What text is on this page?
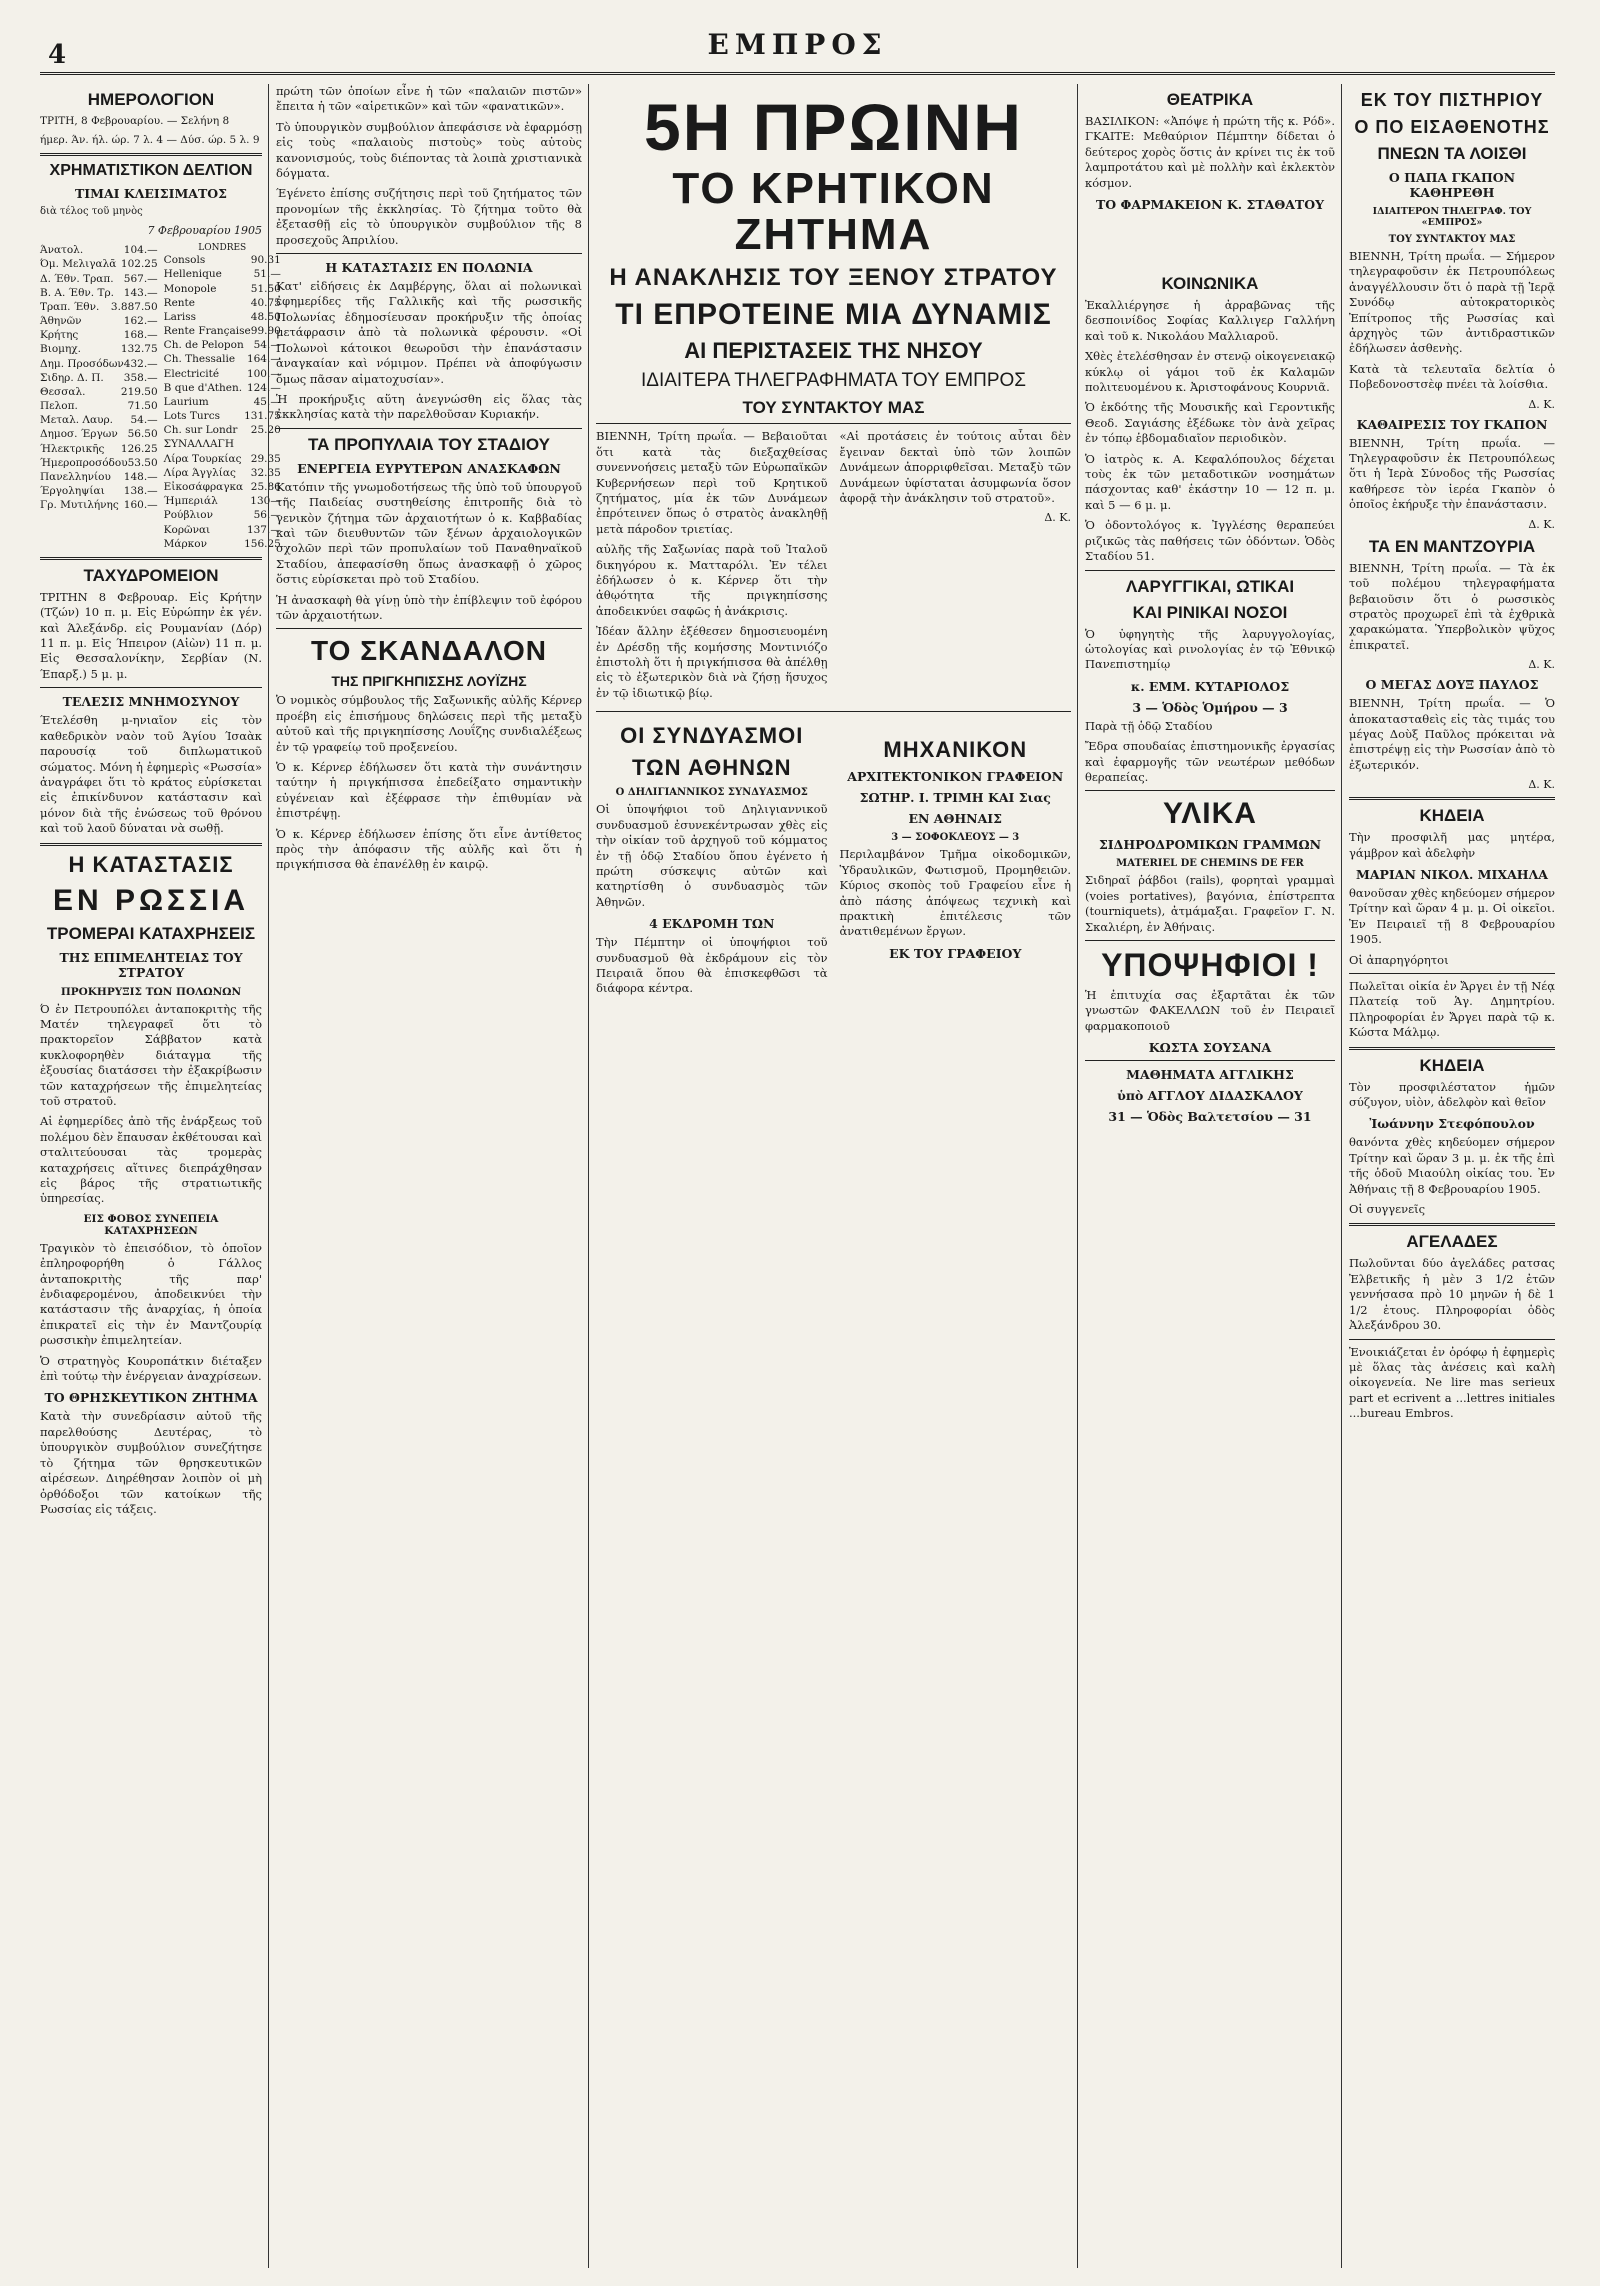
4	ΕΜΠΡΟΣ
ΗΜΕΡΟΛΟΓΙΟΝ

ΤΡΙΤΗ, 8 Φεβρουαρίου. — Σελήνη 8

ήμερ. Άν. ήλ. ώρ. 7 λ. 4 — Δύσ. ώρ. 5 λ. 9

ΧΡΗΜΑΤΙΣΤΙΚΟΝ ΔΕΛΤΙΟΝ
ΤΙΜΑΙ ΚΛΕΙΣΙΜΑΤΟΣ

διὰ τέλος τοῦ μηνὸς

7 Φεβρουαρίου 1905

Άνατολ.	104.—
Όμ. Μελιγαλᾶ 102.25
Δ. Έθν. Τραπ. 567.—
Β. Α. Έθν. Τρ. 143.—
Τραπ. Έθν. 3.887.50
Άθηνῶν	162.—
Κρήτης	168.—
Βιομηχ.	132.75
Δημ. Προσόδων 432.—
Σιδηρ. Δ. Π. 358.—
Θεσσαλ.	219.50
Πελοπ.	71.50
Μεταλ. Λαυρ. 54.—
Δημοσ. Έργων 56.50
Ήλεκτρικῆς 126.25
Ήμεροπροσόδου 53.50
Πανελληνίου 148.—
Έργοληψίαι 138.—
Γρ. Μυτιλήνης 160.—
LONDRES
Consols	90.31
Hellenique	51.—
Monopole	51.50
Rente	40.75
Lariss	48.50
Rente Française 99.90
Ch. de Pelopon 54.—
Ch. Thessalie 164.—
Electricité	100.—
B que d'Athen. 124.—
Laurium	45.—
Lots Turcs 131.75
Ch. sur Londr 25.20
ΣΥΝΑΛΛΑΓΗ
Λίρα Τουρκίας 29.35
Λίρα Άγγλίας 32.35
Εἰκοσάφραγκα 25.86
Ήμπεριάλ	130—
Ρούβλιον	56.—
Κορῶναι	137.—
Μάρκον	156.25
ΤΑΧΥΔΡΟΜΕΙΟΝ

ΤΡΙΤΗΝ 8 Φεβρουαρ. Εἰς Κρήτην (Τζών) 10 π. μ. Εἰς Εὐρώπην ἐκ γέν. καὶ Άλεξάνδρ. εἰς Ρουμανίαν (Δόρ) 11 π. μ. Εἰς Ήπειρον (Αἰὼν) 11 π. μ. Εἰς Θεσσαλονίκην, Σερβίαν (Ν. Έπαρξ.) 5 μ. μ.

ΤΕΛΕΣΙΣ ΜΝΗΜΟΣΥΝΟΥ

Έτελέσθη μ-ηνιαῖον εἰς τὸν καθεδρικὸν ναὸν τοῦ Άγίου Ίσαὰκ παρουσίᾳ τοῦ διπλωματικοῦ σώματος. Μόνη ἡ ἐφημερὶς «Ρωσσία» ἀναγράφει ὅτι τὸ κράτος εὑρίσκεται εἰς ἐπικίνδυνον κατάστασιν καὶ μόνον διὰ τῆς ἐνώσεως τοῦ θρόνου καὶ τοῦ λαοῦ δύναται νὰ σωθῇ.

Η ΚΑΤΑΣΤΑΣΙΣ
ΕΝ ΡΩΣΣΙΑ
ΤΡΟΜΕΡΑΙ ΚΑΤΑΧΡΗΣΕΙΣ
ΤΗΣ ΕΠΙΜΕΛΗΤΕΙΑΣ ΤΟΥ ΣΤΡΑΤΟΥ
ΠΡΟΚΗΡΥΞΙΣ ΤΩΝ ΠΟΛΩΝΩΝ

Ό ἐν Πετρουπόλει ἀνταποκριτὴς τῆς Ματέν τηλεγραφεῖ ὅτι τὸ πρακτορεῖον Σάββατον κατὰ κυκλοφορηθὲν διάταγμα τῆς ἐξουσίας διατάσσει τὴν ἐξακρίβωσιν τῶν καταχρήσεων τῆς ἐπιμελητείας τοῦ στρατοῦ.

Αἱ ἐφημερίδες ἀπὸ τῆς ἐνάρξεως τοῦ πολέμου δὲν ἔπαυσαν ἐκθέτουσαι καὶ σταλιτεύουσαι τὰς τρομερὰς καταχρήσεις αἵτινες διεπράχθησαν εἰς βάρος τῆς στρατιωτικῆς ὑπηρεσίας.

ΕΙΣ ΦΟΒΟΣ ΣΥΝΕΠΕΙΑ ΚΑΤΑΧΡΗΣΕΩΝ

Τραγικὸν τὸ ἐπεισόδιον, τὸ ὁποῖον ἐπληροφορήθη ὁ Γάλλος ἀνταποκριτὴς τῆς παρ' ἐνδιαφερομένου, ἀποδεικνύει τὴν κατάστασιν τῆς ἀναρχίας, ἡ ὁποία ἐπικρατεῖ εἰς τὴν ἐν Μαντζουρίᾳ ρωσσικὴν ἐπιμελητείαν.

Ὁ στρατηγὸς Κουροπάτκιν διέταξεν ἐπὶ τούτῳ τὴν ἐνέργειαν ἀναχρίσεων.

ΤΟ ΘΡΗΣΚΕΥΤΙΚΟΝ ΖΗΤΗΜΑ

Κατὰ τὴν συνεδρίασιν αὐτοῦ τῆς παρελθούσης Δευτέρας, τὸ ὑπουργικὸν συμβούλιον συνεζήτησε τὸ ζήτημα τῶν θρησκευτικῶν αἱρέσεων. Διηρέθησαν λοιπὸν οἱ μὴ ὀρθόδοξοι τῶν κατοίκων τῆς Ρωσσίας εἰς τάξεις.

πρώτη τῶν ὁποίων εἶνε ἡ τῶν «παλαιῶν πιστῶν» ἔπειτα ἡ τῶν «αἱρετικῶν» καὶ τῶν «φανατικῶν».

Τὸ ὑπουργικὸν συμβούλιον ἀπεφάσισε νὰ ἐφαρμόσῃ εἰς τοὺς «παλαιοὺς πιστοὺς» τοὺς αὐτοὺς κανονισμούς, τοὺς διέποντας τὰ λοιπὰ χριστιανικὰ δόγματα.

Έγένετο ἐπίσης συζήτησις περὶ τοῦ ζητήματος τῶν προνομίων τῆς ἐκκλησίας. Τὸ ζήτημα τοῦτο θὰ ἐξετασθῇ εἰς τὸ ὑπουργικὸν συμβούλιον τῆς 8 προσεχοῦς Άπριλίου.

Η ΚΑΤΑΣΤΑΣΙΣ ΕΝ ΠΟΛΩΝΙΑ

Κατ' εἰδήσεις ἐκ Δαμβέργης, ὅλαι αἱ πολωνικαὶ ἐφημερίδες τῆς Γαλλικῆς καὶ τῆς ρωσσικῆς Πολωνίας ἐδημοσίευσαν προκήρυξιν τῆς ὁποίας μετάφρασιν ἀπὸ τὰ πολωνικὰ φέρουσιν. «Οἱ Πολωνοὶ κάτοικοι θεωροῦσι τὴν ἐπανάστασιν ἀναγκαίαν καὶ νόμιμον. Πρέπει νὰ ἀποφύγωσιν ὅμως πᾶσαν αἱματοχυσίαν».

Ἡ προκήρυξις αὕτη ἀνεγνώσθη εἰς ὅλας τὰς ἐκκλησίας κατὰ τὴν παρελθοῦσαν Κυριακήν.

ΤΑ ΠΡΟΠΥΛΑΙΑ ΤΟΥ ΣΤΑΔΙΟΥ
ΕΝΕΡΓΕΙΑ ΕΥΡΥΤΕΡΩΝ ΑΝΑΣΚΑΦΩΝ

Κατόπιν τῆς γνωμοδοτήσεως τῆς ὑπὸ τοῦ ὑπουργοῦ τῆς Παιδείας συστηθείσης ἐπιτροπῆς διὰ τὸ γενικὸν ζήτημα τῶν ἀρχαιοτήτων ὁ κ. Καββαδίας καὶ τῶν διευθυντῶν τῶν ξένων ἀρχαιολογικῶν σχολῶν περὶ τῶν προπυλαίων τοῦ Παναθηναϊκοῦ Σταδίου, ἀπεφασίσθη ὅπως ἀνασκαφῇ ὁ χῶρος ὅστις εὑρίσκεται πρὸ τοῦ Σταδίου.

Ἡ ἀνασκαφὴ θὰ γίνῃ ὑπὸ τὴν ἐπίβλεψιν τοῦ ἐφόρου τῶν ἀρχαιοτήτων.

ΤΟ ΣΚΑΝΔΑΛΟΝ
ΤΗΣ ΠΡΙΓΚΗΠΙΣΣΗΣ ΛΟΥΪΖΗΣ

Ὁ νομικὸς σύμβουλος τῆς Σαξωνικῆς αὐλῆς Κέρνερ προέβη εἰς ἐπισήμους δηλώσεις περὶ τῆς μεταξὺ αὐτοῦ καὶ τῆς πριγκηπίσσης Λουΐζης συνδιαλέξεως ἐν τῷ γραφείῳ τοῦ προξενείου.

Ὁ κ. Κέρνερ ἐδήλωσεν ὅτι κατὰ τὴν συνάντησιν ταύτην ἡ πριγκήπισσα ἐπεδείξατο σημαντικὴν εὐγένειαν καὶ ἐξέφρασε τὴν ἐπιθυμίαν νὰ ἐπιστρέψῃ.

Ὁ κ. Κέρνερ ἐδήλωσεν ἐπίσης ὅτι εἶνε ἀντίθετος πρὸς τὴν ἀπόφασιν τῆς αὐλῆς καὶ ὅτι ἡ πριγκήπισσα θὰ ἐπανέλθῃ ἐν καιρῷ.

5Η ΠΡΩΙΝΗ
ΤΟ ΚΡΗΤΙΚΟΝ ΖΗΤΗΜΑ
Η ΑΝΑΚΛΗΣΙΣ ΤΟΥ ΞΕΝΟΥ ΣΤΡΑΤΟΥ
ΤΙ ΕΠΡΟΤΕΙΝΕ ΜΙΑ ΔΥΝΑΜΙΣ
ΑΙ ΠΕΡΙΣΤΑΣΕΙΣ ΤΗΣ ΝΗΣΟΥ
ΙΔΙΑΙΤΕΡΑ ΤΗΛΕΓΡΑΦΗΜΑΤΑ ΤΟΥ ΕΜΠΡΟΣ
ΤΟΥ ΣΥΝΤΑΚΤΟΥ ΜΑΣ

ΒΙΕΝΝΗ, Τρίτη πρωΐα. — Βεβαιοῦται ὅτι κατὰ τὰς διεξαχθείσας συνεννοήσεις μεταξὺ τῶν Εὐρωπαϊκῶν Κυβερνήσεων περὶ τοῦ Κρητικοῦ ζητήματος, μία ἐκ τῶν Δυνάμεων ἐπρότεινεν ὅπως ὁ στρατὸς ἀνακληθῇ μετὰ πάροδον τριετίας.

αὐλῆς τῆς Σαξωνίας παρὰ τοῦ Ἰταλοῦ δικηγόρου κ. Ματταρόλι. Ἐν τέλει ἐδήλωσεν ὁ κ. Κέρνερ ὅτι τὴν ἀθῳότητα τῆς πριγκηπίσσης ἀποδεικνύει σαφῶς ἡ ἀνάκρισις.

Ἰδέαν ἄλλην ἐξέθεσεν δημοσιευομένη ἐν Δρέσδῃ τῆς κομήσσης Μοντινιόζο ἐπιστολὴ ὅτι ἡ πριγκήπισσα θὰ ἀπέλθῃ εἰς τὸ ἐξωτερικὸν διὰ νὰ ζήσῃ ἥσυχος ἐν τῷ ἰδιωτικῷ βίῳ.

«Αἱ προτάσεις ἐν τούτοις αὗται δὲν ἔγειναν δεκταὶ ὑπὸ τῶν λοιπῶν Δυνάμεων ἀπορριφθεῖσαι. Μεταξὺ τῶν Δυνάμεων ὑφίσταται ἀσυμφωνία ὅσον ἀφορᾷ τὴν ἀνάκλησιν τοῦ στρατοῦ».

Δ. Κ.
ΟΙ ΣΥΝΔΥΑΣΜΟΙ
ΤΩΝ ΑΘΗΝΩΝ
Ο ΔΗΛΙΓΙΑΝΝΙΚΟΣ ΣΥΝΔΥΑΣΜΟΣ

Οἱ ὑποψήφιοι τοῦ Δηλιγιαννικοῦ συνδυασμοῦ ἐσυνεκέντρωσαν χθὲς εἰς τὴν οἰκίαν τοῦ ἀρχηγοῦ τοῦ κόμματος ἐν τῇ ὁδῷ Σταδίου ὅπου ἐγένετο ἡ πρώτη σύσκεψις αὐτῶν καὶ κατηρτίσθη ὁ συνδυασμὸς τῶν Ἀθηνῶν.

4 ΕΚΔΡΟΜΗ ΤΩΝ

Τὴν Πέμπτην οἱ ὑποψήφιοι τοῦ συνδυασμοῦ θὰ ἐκδράμουν εἰς τὸν Πειραιᾶ ὅπου θὰ ἐπισκεφθῶσι τὰ διάφορα κέντρα.

ΜΗΧΑΝΙΚΟΝ
ΑΡΧΙΤΕΚΤΟΝΙΚΟΝ ΓΡΑΦΕΙΟΝ
ΣΩΤΗΡ. Ι. ΤΡΙΜΗ ΚΑΙ Σιας
ΕΝ ΑΘΗΝΑΙΣ
3 — ΣΟΦΟΚΛΕΟΥΣ — 3

Περιλαμβάνον Τμῆμα οἰκοδομικῶν, Ὑδραυλικῶν, Φωτισμοῦ, Προμηθειῶν. Κύριος σκοπὸς τοῦ Γραφείου εἶνε ἡ ἀπὸ πάσης ἀπόψεως τεχνικὴ καὶ πρακτικὴ ἐπιτέλεσις τῶν ἀνατιθεμένων ἔργων.

ΕΚ ΤΟΥ ΓΡΑΦΕΙΟΥ
ΚΟΙΝΩΝΙΚΑ

Ἐκαλλιέργησε ἡ ἀρραβῶνας τῆς δεσποινίδος Σοφίας Καλλιγερ Γαλλήνη καὶ τοῦ κ. Νικολάου Μαλλιαροῦ.

Χθὲς ἐτελέσθησαν ἐν στενῷ οἰκογενειακῷ κύκλῳ οἱ γάμοι τοῦ ἐκ Καλαμῶν πολιτευομένου κ. Ἀριστοφάνους Κουρνιᾶ.

Ὁ ἐκδότης τῆς Μουσικῆς καὶ Γεροντικῆς Θεοδ. Σαγιάσης ἐξέδωκε τὸν ἀνὰ χεῖρας ἐν τόπῳ ἑβδομαδιαῖον περιοδικὸν.

Ὁ ἰατρὸς κ. Α. Κεφαλόπουλος δέχεται τοὺς ἐκ τῶν μεταδοτικῶν νοσημάτων πάσχοντας καθ' ἑκάστην 10 — 12 π. μ. καὶ 5 — 6 μ. μ.

Ὁ ὀδοντολόγος κ. Ἰγγλέσης θεραπεύει ριζικῶς τὰς παθήσεις τῶν ὀδόντων. Ὁδὸς Σταδίου 51.

ΛΑΡΥΓΓΙΚΑΙ, ΩΤΙΚΑΙ
ΚΑΙ ΡΙΝΙΚΑΙ ΝΟΣΟΙ

Ὁ ὑφηγητὴς τῆς λαρυγγολογίας, ὠτολογίας καὶ ρινολογίας ἐν τῷ Ἐθνικῷ Πανεπιστημίῳ

κ. ΕΜΜ. ΚΥΤΑΡΙΟΛΟΣ
3 — Ὁδὸς Ὁμήρου — 3

Παρὰ τῇ ὁδῷ Σταδίου

Ἔδρα σπουδαίας ἐπιστημονικῆς ἐργασίας καὶ ἐφαρμογῆς τῶν νεωτέρων μεθόδων θεραπείας.

ΥΛΙΚΑ
ΣΙΔΗΡΟΔΡΟΜΙΚΩΝ ΓΡΑΜΜΩΝ
MATERIEL DE CHEMINS DE FER

Σιδηραῖ ῥάβδοι (rails), φορηταὶ γραμμαὶ (voies portatives), βαγόνια, ἐπίστρεπτα (tourniquets), ἀτμάμαξαι. Γραφεῖον Γ. Ν. Σκαλιέρη, ἐν Ἀθήναις.

ΥΠΟΨΗΦΙΟΙ !

Ἡ ἐπιτυχία σας ἐξαρτᾶται ἐκ τῶν γνωστῶν ΦΑΚΕΛΛΩΝ τοῦ ἐν Πειραιεῖ φαρμακοποιοῦ

ΚΩΣΤΑ ΣΟΥΣΑΝΑ
ΜΑΘΗΜΑΤΑ ΑΓΓΛΙΚΗΣ
ὑπὸ ΑΓΓΛΟΥ ΔΙΔΑΣΚΑΛΟΥ
31 — Ὁδὸς Βαλτετσίου — 31
ΘΕΑΤΡΙΚΑ

ΒΑΣΙΛΙΚΟΝ: «Ἀπόψε ἡ πρώτη τῆς κ. Ρόδ». ΓΚΑΙΤΕ: Μεθαύριον Πέμπτην δίδεται ὁ δεύτερος χορὸς ὅστις ἀν κρίνει τις ἐκ τοῦ λαμπροτάτου καὶ μὲ πολλὴν καὶ ἐκλεκτὸν κόσμον.

ΤΟ ΦΑΡΜΑΚΕΙΟΝ Κ. ΣΤΑΘΑΤΟΥ
ΕΚ ΤΟΥ ΠΙΣΤΗΡΙΟΥ
Ο ΠΟ ΕΙΣΑΘΕΝΟΤΗΣ
ΠΝΕΩΝ ΤΑ ΛΟΙΣΘΙ
Ο ΠΑΠΑ ΓΚΑΠΟΝ ΚΑΘΗΡΕΘΗ
ΙΔΙΑΙΤΕΡΟΝ ΤΗΛΕΓΡΑΦ. ΤΟΥ «ΕΜΠΡΟΣ»
ΤΟΥ ΣΥΝΤΑΚΤΟΥ ΜΑΣ

ΒΙΕΝΝΗ, Τρίτη πρωΐα. — Σήμερον τηλεγραφοῦσιν ἐκ Πετρουπόλεως ἀναγγέλλουσιν ὅτι ὁ παρὰ τῇ Ἱερᾷ Συνόδῳ αὐτοκρατορικὸς Ἐπίτροπος τῆς Ρωσσίας καὶ ἀρχηγὸς τῶν ἀντιδραστικῶν ἐδήλωσεν ἀσθενὴς.

Κατὰ τὰ τελευταῖα δελτία ὁ Ποβεδονοστσὲφ πνέει τὰ λοίσθια.

Δ. Κ.
ΚΑΘΑΙΡΕΣΙΣ ΤΟΥ ΓΚΑΠΟΝ

ΒΙΕΝΝΗ, Τρίτη πρωΐα. — Τηλεγραφοῦσιν ἐκ Πετρουπόλεως ὅτι ἡ Ἱερὰ Σύνοδος τῆς Ρωσσίας καθήρεσε τὸν ἱερέα Γκαπὸν ὁ ὁποῖος ἐκήρυξε τὴν ἐπανάστασιν.

Δ. Κ.
ΤΑ ΕΝ ΜΑΝΤΖΟΥΡΙΑ

ΒΙΕΝΝΗ, Τρίτη πρωΐα. — Τὰ ἐκ τοῦ πολέμου τηλεγραφήματα βεβαιοῦσιν ὅτι ὁ ρωσσικὸς στρατὸς προχωρεῖ ἐπὶ τὰ ἐχθρικὰ χαρακώματα. Ὑπερβολικὸν ψῦχος ἐπικρατεῖ.

Δ. Κ.
Ο ΜΕΓΑΣ ΔΟΥΞ ΠΑΥΛΟΣ

ΒΙΕΝΝΗ, Τρίτη πρωΐα. — Ὁ ἀποκατασταθεὶς εἰς τὰς τιμάς του μέγας Δοὺξ Παῦλος πρόκειται νὰ ἐπιστρέψῃ εἰς τὴν Ρωσσίαν ἀπὸ τὸ ἐξωτερικόν.

Δ. Κ.
ΚΗΔΕΙΑ

Τὴν προσφιλῆ μας μητέρα, γάμβρον καὶ ἀδελφὴν

ΜΑΡΙΑΝ ΝΙΚΟΛ. ΜΙΧΑΗΛΑ

θανοῦσαν χθὲς κηδεύομεν σήμερον Τρίτην καὶ ὥραν 4 μ. μ. Οἱ οἰκεῖοι. Ἐν Πειραιεῖ τῇ 8 Φεβρουαρίου 1905.

Οἱ ἀπαρηγόρητοι

Πωλεῖται οἰκία ἐν Ἄργει ἐν τῇ Νέᾳ Πλατείᾳ τοῦ Ἁγ. Δημητρίου. Πληροφορίαι ἐν Ἄργει παρὰ τῷ κ. Κώστα Μάλμῳ.

ΚΗΔΕΙΑ

Τὸν προσφιλέστατον ἡμῶν σύζυγον, υἱὸν, ἀδελφὸν καὶ θεῖον

Ἰωάννην Στεφόπουλον

θανόντα χθὲς κηδεύομεν σήμερον Τρίτην καὶ ὥραν 3 μ. μ. ἐκ τῆς ἐπὶ τῆς ὁδοῦ Μιαούλη οἰκίας του. Ἐν Ἀθήναις τῇ 8 Φεβρουαρίου 1905.

Οἱ συγγενεῖς

ΑΓΕΛΑΔΕΣ

Πωλοῦνται δύο ἀγελάδες ρατσας Ἐλβετικῆς ἡ μὲν 3 1/2 ἐτῶν γεννήσασα πρὸ 10 μηνῶν ἡ δὲ 1 1/2 ἐτους. Πληροφορίαι ὁδὸς Ἀλεξάνδρου 30.

Ἐνοικιάζεται ἐν ὀρόφῳ ἡ ἐφημερὶς μὲ ὅλας τὰς ἀνέσεις καὶ καλὴ οἰκογενεία. Ne lire mas serieux part et ecrivent a ...lettres initiales ...bureau Embros.
